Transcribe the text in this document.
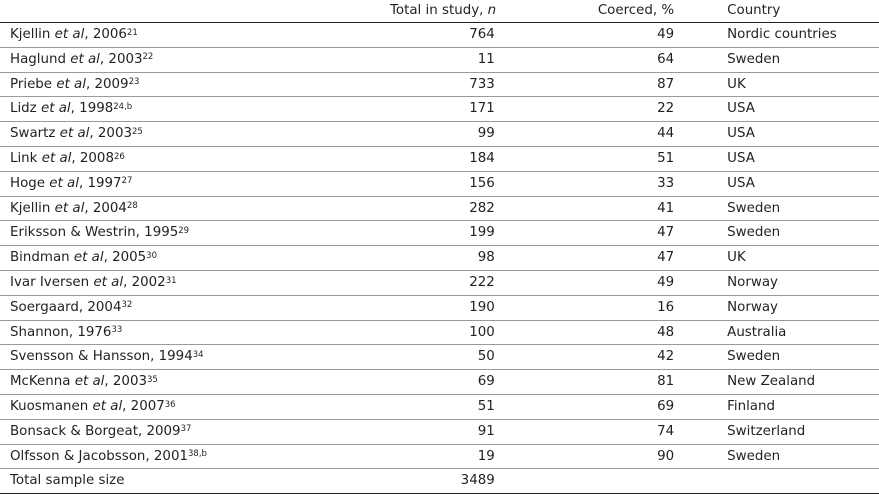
	Total in study, n	Coerced, %	Country
Kjellin et al, 2006$^{21}$	764		49	Nordic countries
Haglund et al, 2003$^{22}$	11		64	Sweden
Priebe et al, 2009$^{23}$	733		87	UK
Lidz et al, 1998$^{24,b}$	171		22	USA
Swartz et al, 2003$^{25}$	99		44	USA
Link et al, 2008$^{26}$	184		51	USA
Hoge et al, 1997$^{27}$	156		33	USA
Kjellin et al, 2004$^{28}$	282		41	Sweden
Eriksson & Westrin, 1995$^{29}$	199		47	Sweden
Bindman et al, 2005$^{30}$	98		47	UK
Ivar Iversen et al, 2002$^{31}$	222		49	Norway
Soergaard, 2004$^{32}$	190		16	Norway
Shannon, 1976$^{33}$	100		48	Australia
Svensson & Hansson, 1994$^{34}$	50		42	Sweden
McKenna et al, 2003$^{35}$	69		81	New Zealand
Kuosmanen et al, 2007$^{36}$	51		69	Finland
Bonsack & Borgeat, 2009$^{37}$	91		74	Switzerland
Olfsson & Jacobsson, 2001$^{38,b}$	19		90	Sweden
Total sample size	3489			
